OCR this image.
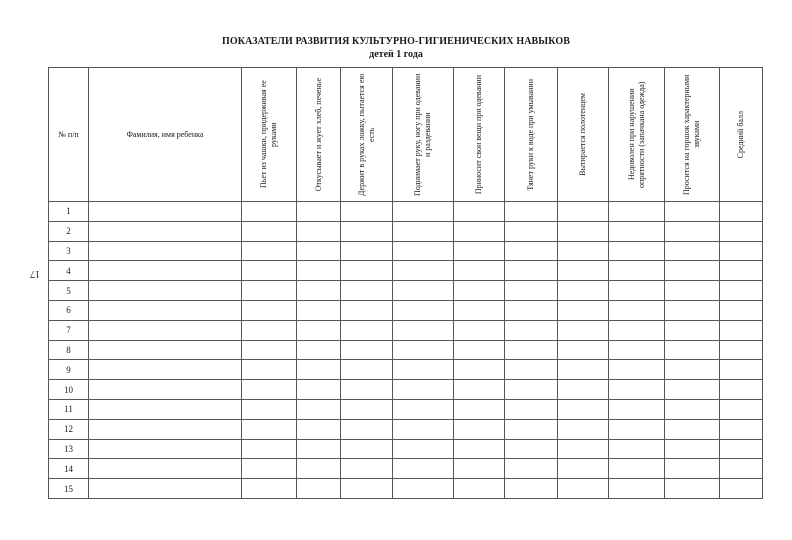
ПОКАЗАТЕЛИ РАЗВИТИЯ КУЛЬТУРНО-ГИГИЕНИЧЕСКИХ НАВЫКОВ
детей 1 года
17
№ п/п	Фамилия, имя ребенка	Пьет из чашки, придерживая ее руками	Откусывает и жует хлеб, печенье	Держит в руках ложку, пытается ею есть	Поднимает руку, ногу при одевании и раздевании	Приносит свои вещи при одевании	Тянет руки к воде при умывании	Вытирается полотенцем	Недоволен при нарушении опрятности (запачкана одежда)	Просится на горшок характерными звуками	Средний балл

1											
2											
3											
4											
5											
6											
7											
8											
9											
10											
11											
12											
13											
14											
15											
